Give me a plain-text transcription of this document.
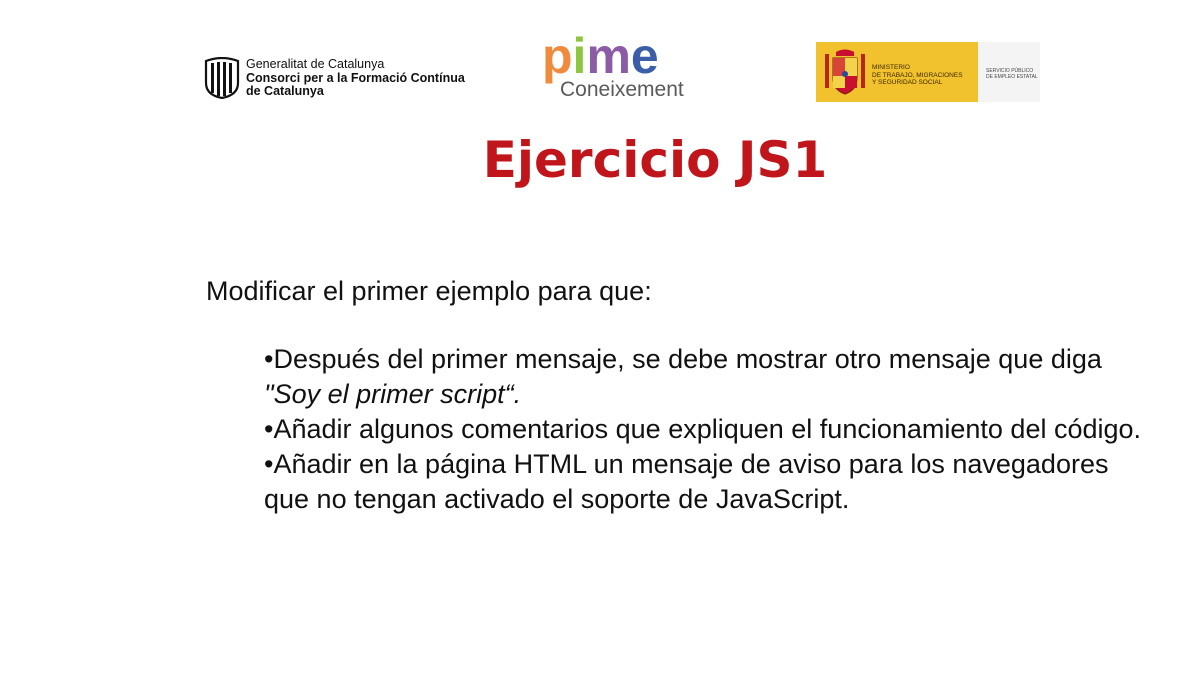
Generalitat de Catalunya
Consorci per a la Formació Contínua
de Catalunya
pime
Coneixement
MINISTERIO
DE TRABAJO, MIGRACIONES
Y SEGURIDAD SOCIAL
SERVICIO PÚBLICO
DE EMPLEO ESTATAL
Ejercicio JS1
Modificar el primer ejemplo para que:

•Después del primer mensaje, se debe mostrar otro mensaje que diga "Soy el primer script“.

•Añadir algunos comentarios que expliquen el funcionamiento del código.

•Añadir en la página HTML un mensaje de aviso para los navegadores que no tengan activado el soporte de JavaScript.
